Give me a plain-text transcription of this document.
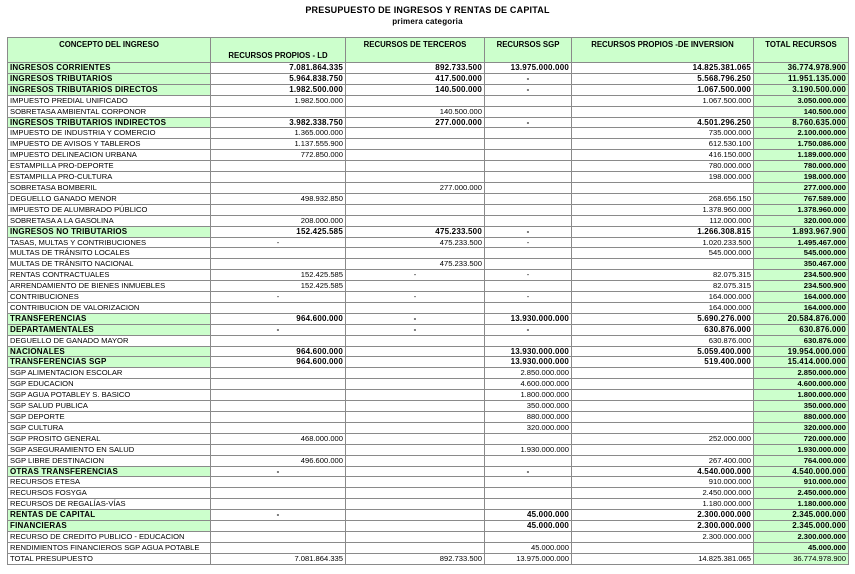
PRESUPUESTO DE INGRESOS Y RENTAS DE CAPITAL
primera categoria
CONCEPTO DEL INGRESO	RECURSOS PROPIOS - LD	RECURSOS DE TERCEROS	RECURSOS SGP	RECURSOS PROPIOS -DE INVERSION	TOTAL RECURSOS
INGRESOS CORRIENTES	7.081.864.335	892.733.500	13.975.000.000	14.825.381.065	36.774.978.900
INGRESOS TRIBUTARIOS	5.964.838.750	417.500.000	-	5.568.796.250	11.951.135.000
INGRESOS TRIBUTARIOS DIRECTOS	1.982.500.000	140.500.000	-	1.067.500.000	3.190.500.000
IMPUESTO PREDIAL UNIFICADO	1.982.500.000			1.067.500.000	3.050.000.000
SOBRETASA AMBIENTAL CORPONOR		140.500.000			140.500.000
INGRESOS TRIBUTARIOS INDIRECTOS	3.982.338.750	277.000.000	-	4.501.296.250	8.760.635.000
IMPUESTO DE INDUSTRIA Y COMERCIO	1.365.000.000			735.000.000	2.100.000.000
IMPUESTO DE AVISOS Y TABLEROS	1.137.555.900			612.530.100	1.750.086.000
IMPUESTO DELINEACION URBANA	772.850.000			416.150.000	1.189.000.000
ESTAMPILLA PRO-DEPORTE				780.000.000	780.000.000
ESTAMPILLA PRO-CULTURA				198.000.000	198.000.000
SOBRETASA BOMBERIL		277.000.000			277.000.000
DEGUELLO GANADO MENOR	498.932.850			268.656.150	767.589.000
IMPUESTO DE ALUMBRADO PÚBLICO				1.378.960.000	1.378.960.000
SOBRETASA A LA GASOLINA	208.000.000			112.000.000	320.000.000
INGRESOS NO TRIBUTARIOS	152.425.585	475.233.500	-	1.266.308.815	1.893.967.900
TASAS, MULTAS Y CONTRIBUCIONES	-	475.233.500	-	1.020.233.500	1.495.467.000
MULTAS DE TRÁNSITO LOCALES				545.000.000	545.000.000
MULTAS DE TRÁNSITO NACIONAL		475.233.500			350.467.000
RENTAS CONTRACTUALES	152.425.585	-	-	82.075.315	234.500.900
ARRENDAMIENTO DE BIENES INMUEBLES	152.425.585			82.075.315	234.500.900
CONTRIBUCIONES	-	-	-	164.000.000	164.000.000
CONTRIBUCION DE VALORIZACION				164.000.000	164.000.000
TRANSFERENCIAS	964.600.000	-	13.930.000.000	5.690.276.000	20.584.876.000
DEPARTAMENTALES	-	-	-	630.876.000	630.876.000
DEGUELLO DE GANADO MAYOR				630.876.000	630.876.000
NACIONALES	964.600.000		13.930.000.000	5.059.400.000	19.954.000.000
TRANSFERENCIAS SGP	964.600.000		13.930.000.000	519.400.000	15.414.000.000
SGP ALIMENTACION ESCOLAR			2.850.000.000		2.850.000.000
SGP EDUCACION			4.600.000.000		4.600.000.000
SGP AGUA POTABLEY S. BASICO			1.800.000.000		1.800.000.000
SGP SALUD PUBLICA			350.000.000		350.000.000
SGP DEPORTE			880.000.000		880.000.000
SGP CULTURA			320.000.000		320.000.000
SGP PROSITO GENERAL	468.000.000			252.000.000	720.000.000
SGP ASEGURAMIENTO EN SALUD			1.930.000.000		1.930.000.000
SGP LIBRE DESTINACION	496.600.000			267.400.000	764.000.000
OTRAS TRANSFERENCIAS	-		-	4.540.000.000	4.540.000.000
RECURSOS ETESA				910.000.000	910.000.000
RECURSOS FOSYGA				2.450.000.000	2.450.000.000
RECURSOS DE REGALÍAS-VÍAS				1.180.000.000	1.180.000.000
RENTAS DE CAPITAL	-		45.000.000	2.300.000.000	2.345.000.000
FINANCIERAS			45.000.000	2.300.000.000	2.345.000.000
RECURSO DE CREDITO PUBLICO - EDUCACION				2.300.000.000	2.300.000.000
RENDIMIENTOS FINANCIEROS SGP AGUA POTABLE			45.000.000		45.000.000
TOTAL PRESUPUESTO	7.081.864.335	892.733.500	13.975.000.000	14.825.381.065	36.774.978.900
